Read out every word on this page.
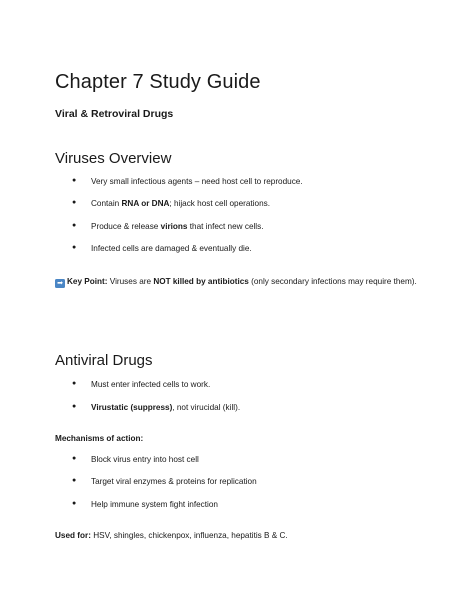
Chapter 7 Study Guide
Viral & Retroviral Drugs
Viruses Overview
● Very small infectious agents – need host cell to reproduce.
● Contain RNA or DNA; hijack host cell operations.
● Produce & release virions that infect new cells.
● Infected cells are damaged & eventually die.
➡ Key Point: Viruses are NOT killed by antibiotics (only secondary infections may require them).
Antiviral Drugs
● Must enter infected cells to work.
● Virustatic (suppress), not virucidal (kill).
Mechanisms of action:
● Block virus entry into host cell
● Target viral enzymes & proteins for replication
● Help immune system fight infection
Used for: HSV, shingles, chickenpox, influenza, hepatitis B & C.
